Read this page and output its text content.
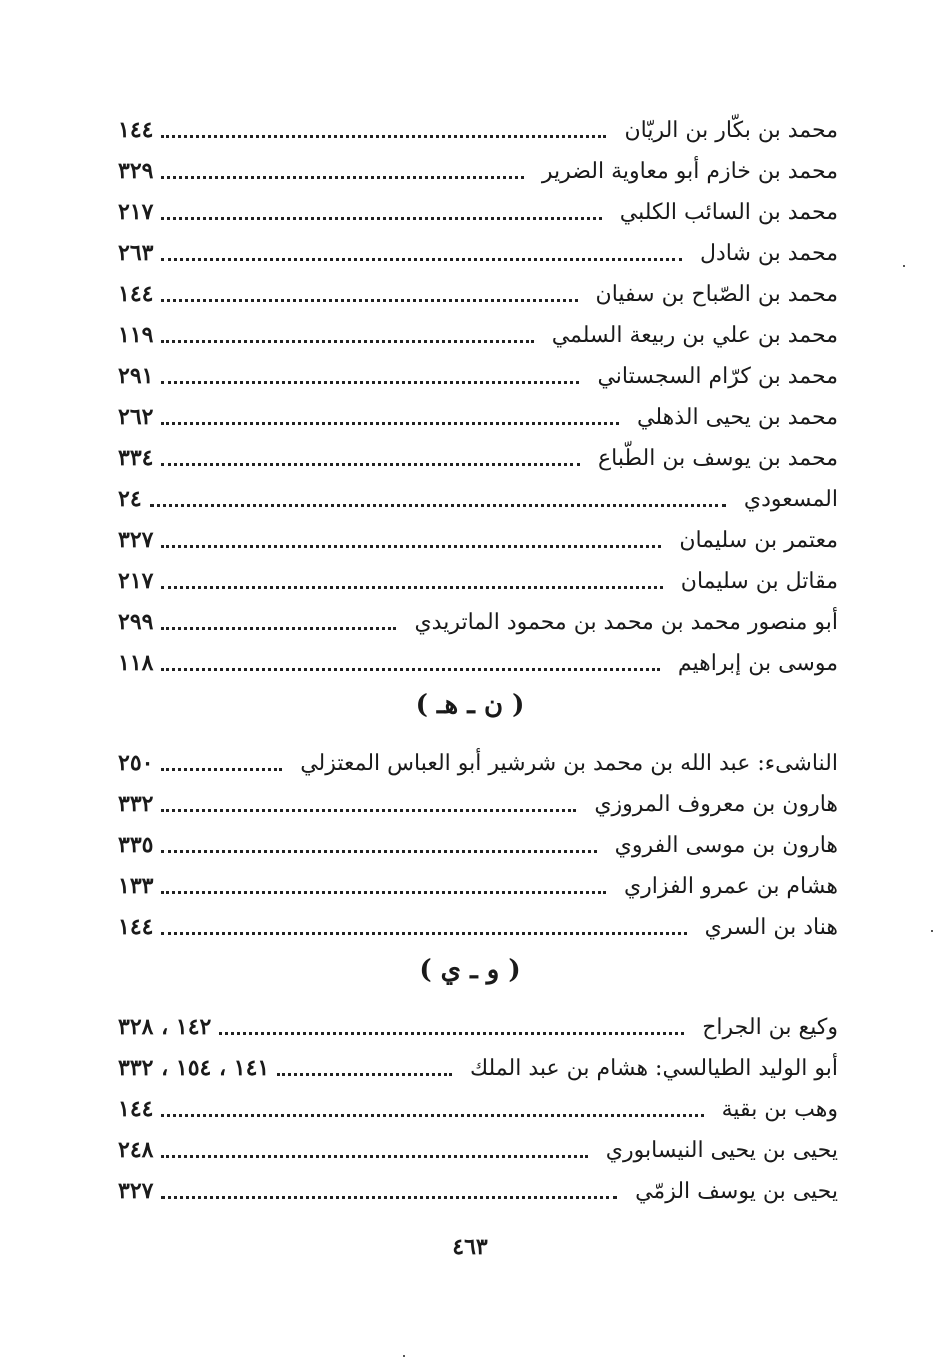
محمد بن بكّار بن الريّان
١٤٤
محمد بن خازم أبو معاوية الضرير
٣٢٩
محمد بن السائب الكلبي
٢١٧
محمد بن شادل
٢٦٣
محمد بن الصّباح بن سفيان
١٤٤
محمد بن علي بن ربيعة السلمي
١١٩
محمد بن كرّام السجستاني
٢٩١
محمد بن يحيى الذهلي
٢٦٢
محمد بن يوسف بن الطّباع
٣٣٤
المسعودي
٢٤
معتمر بن سليمان
٣٢٧
مقاتل بن سليمان
٢١٧
أبو منصور محمد بن محمد بن محمود الماتريدي
٢٩٩
موسى بن إبراهيم
١١٨
( ن ـ هـ )
الناشىء: عبد الله بن محمد بن شرشير أبو العباس المعتزلي
٢٥٠
هارون بن معروف المروزي
٣٣٢
هارون بن موسى الفروي
٣٣٥
هشام بن عمرو الفزاري
١٣٣
هناد بن السري
١٤٤
( و ـ ي )
وكيع بن الجراح
١٤٢ ، ٣٢٨
أبو الوليد الطيالسي: هشام بن عبد الملك
١٤١ ، ١٥٤ ، ٣٣٢
وهب بن بقية
١٤٤
يحيى بن يحيى النيسابوري
٢٤٨
يحيى بن يوسف الزمّي
٣٢٧
٤٦٣
